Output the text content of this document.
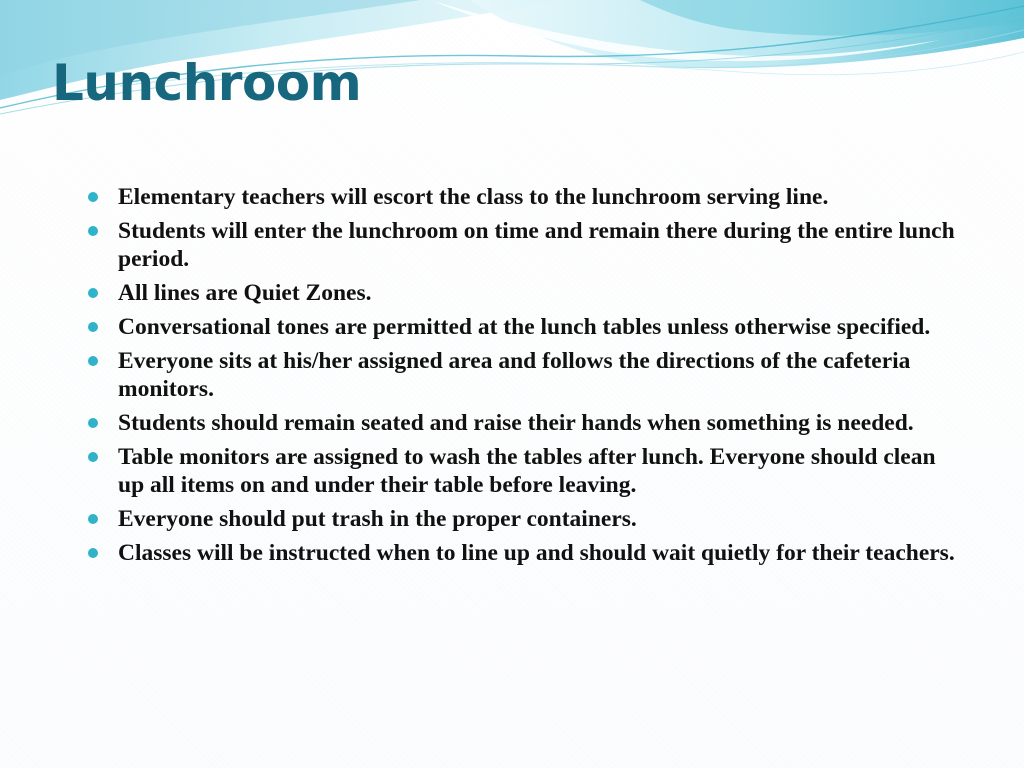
Lunchroom
Elementary teachers will escort the class to the lunchroom serving line.
Students will enter the lunchroom on time and remain there during the entire lunch period.
All lines are Quiet Zones.
Conversational tones are permitted at the lunch tables unless otherwise specified.
Everyone sits at his/her assigned area and follows the directions of the cafeteria monitors.
Students should remain seated and raise their hands when something is needed.
Table monitors are assigned to wash the tables after lunch. Everyone should clean up all items on and under their table before leaving.
Everyone should put trash in the proper containers.
Classes will be instructed when to line up and should wait quietly for their teachers.
